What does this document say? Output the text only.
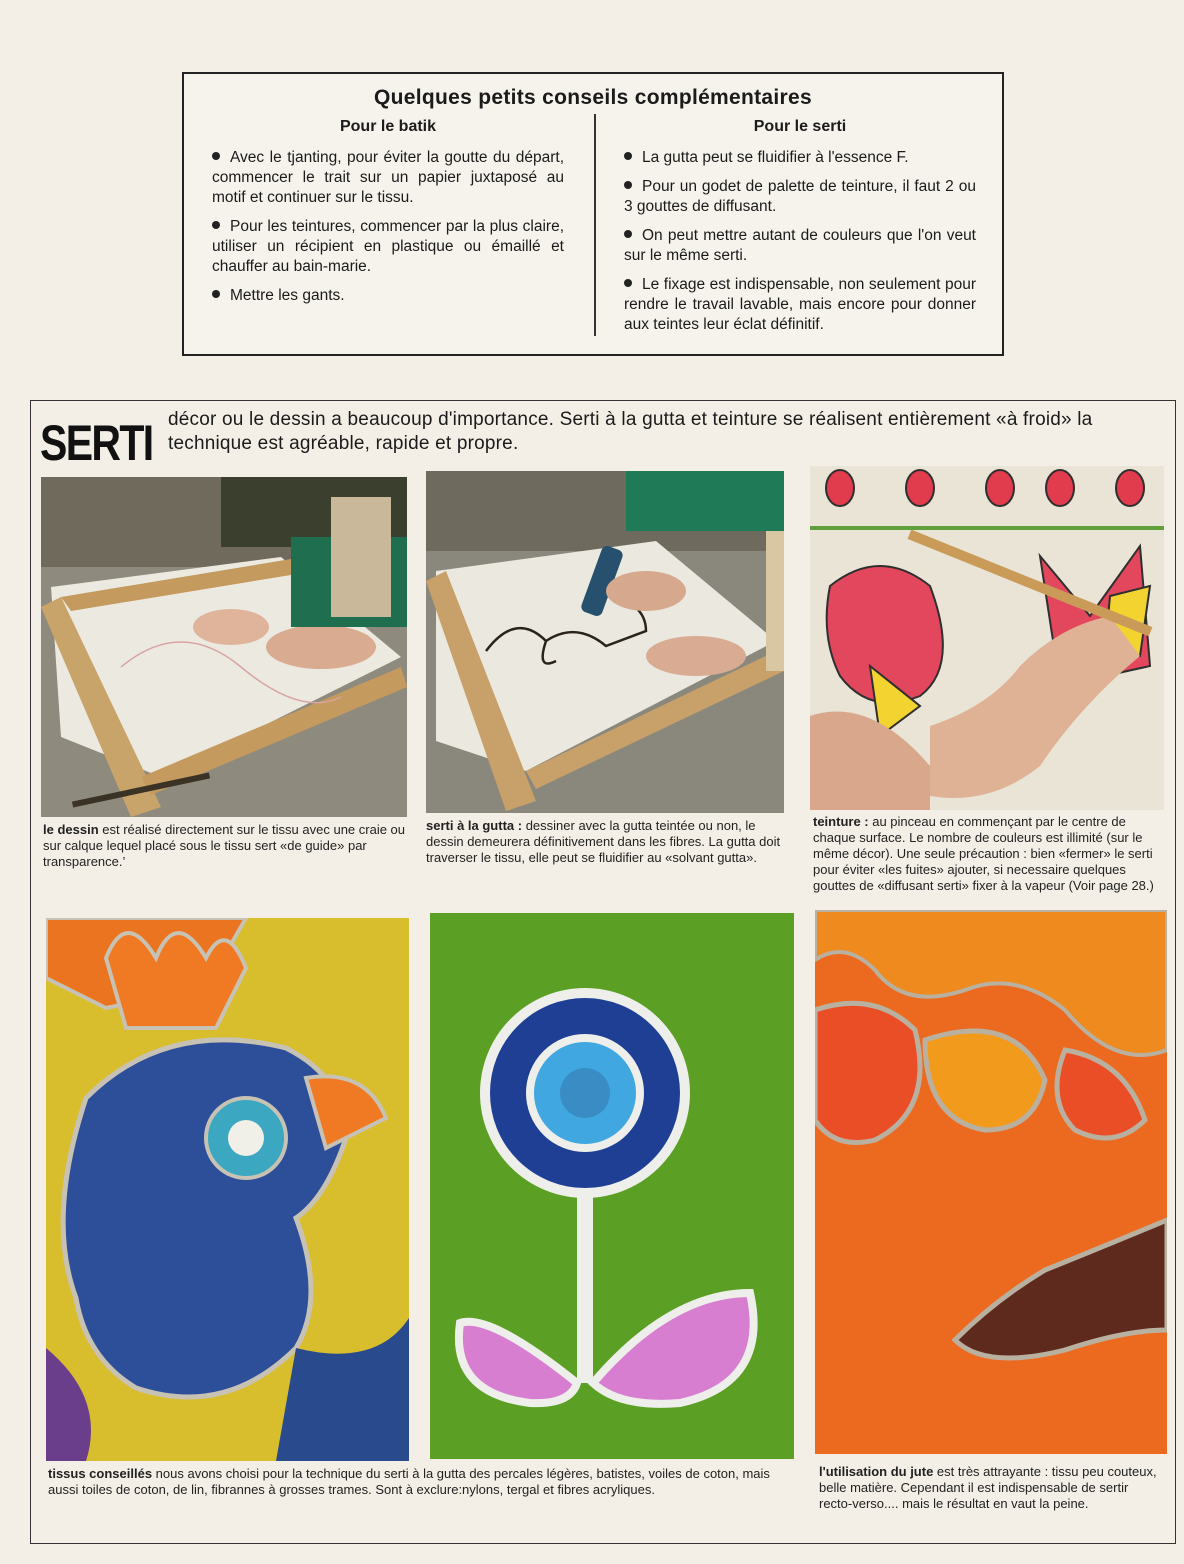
Quelques petits conseils complémentaires
Pour le batik
Avec le tjanting, pour éviter la goutte du départ, commencer le trait sur un papier juxtaposé au motif et continuer sur le tissu.
Pour les teintures, commencer par la plus claire, utiliser un récipient en plastique ou émaillé et chauffer au bain-marie.
Mettre les gants.
Pour le serti
La gutta peut se fluidifier à l'essence F.
Pour un godet de palette de teinture, il faut 2 ou 3 gouttes de diffusant.
On peut mettre autant de couleurs que l'on veut sur le même serti.
Le fixage est indispensable, non seulement pour rendre le travail lavable, mais encore pour donner aux teintes leur éclat définitif.
SERTI décor ou le dessin a beaucoup d'importance. Serti à la gutta et teinture se réalisent entièrement «à froid» la technique est agréable, rapide et propre.
le dessin est réalisé directement sur le tissu avec une craie ou sur calque lequel placé sous le tissu sert «de guide» par transparence.’
serti à la gutta : dessiner avec la gutta teintée ou non, le dessin demeurera définitivement dans les fibres. La gutta doit traverser le tissu, elle peut se fluidifier au «solvant gutta».
teinture : au pinceau en commençant par le centre de chaque surface. Le nombre de couleurs est illimité (sur le même décor). Une seule précaution : bien «fermer» le serti pour éviter «les fuites» ajouter, si necessaire quelques gouttes de «diffusant serti» fixer à la vapeur (Voir page 28.)
tissus conseillés nous avons choisi pour la technique du serti à la gutta des percales légères, batistes, voiles de coton, mais aussi toiles de coton, de lin, fibrannes à grosses trames. Sont à exclure:nylons, tergal et fibres acryliques.
l'utilisation du jute est très attrayante : tissu peu couteux, belle matière. Cependant il est indispensable de sertir recto-verso.... mais le résultat en vaut la peine.
